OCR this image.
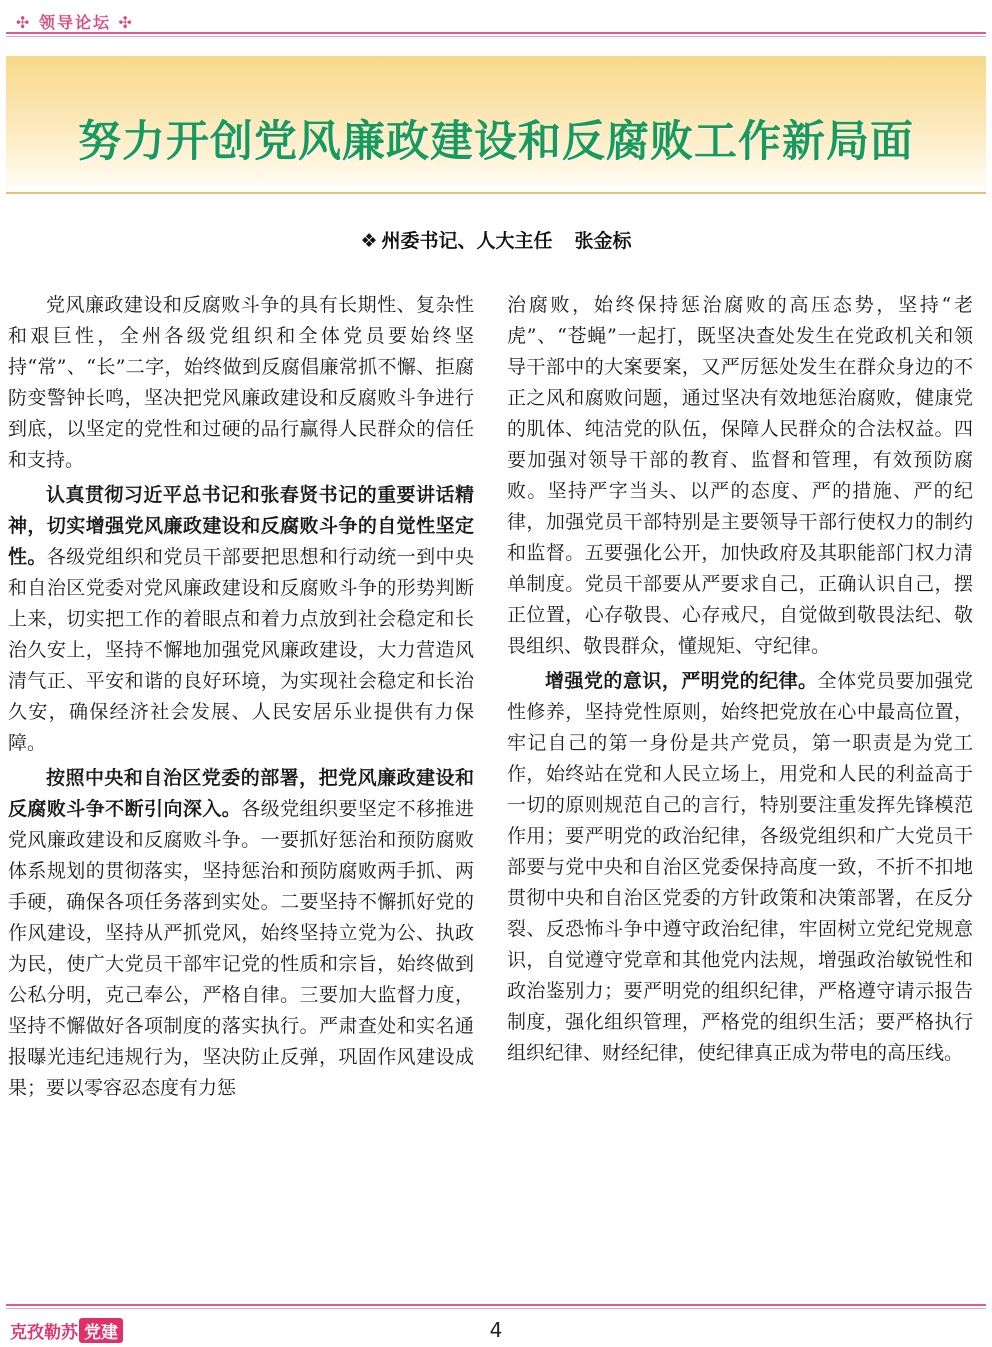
✣ 领导论坛 ✣
努力开创党风廉政建设和反腐败工作新局面
❖ 州委书记、人大主任 张金标

党风廉政建设和反腐败斗争的具有长期性、复杂性和艰巨性，全州各级党组织和全体党员要始终坚持“常”、“长”二字，始终做到反腐倡廉常抓不懈、拒腐防变警钟长鸣，坚决把党风廉政建设和反腐败斗争进行到底，以坚定的党性和过硬的品行赢得人民群众的信任和支持。

认真贯彻习近平总书记和张春贤书记的重要讲话精神，切实增强党风廉政建设和反腐败斗争的自觉性坚定性。各级党组织和党员干部要把思想和行动统一到中央和自治区党委对党风廉政建设和反腐败斗争的形势判断上来，切实把工作的着眼点和着力点放到社会稳定和长治久安上，坚持不懈地加强党风廉政建设，大力营造风清气正、平安和谐的良好环境，为实现社会稳定和长治久安，确保经济社会发展、人民安居乐业提供有力保障。

按照中央和自治区党委的部署，把党风廉政建设和反腐败斗争不断引向深入。各级党组织要坚定不移推进党风廉政建设和反腐败斗争。一要抓好惩治和预防腐败体系规划的贯彻落实，坚持惩治和预防腐败两手抓、两手硬，确保各项任务落到实处。二要坚持不懈抓好党的作风建设，坚持从严抓党风，始终坚持立党为公、执政为民，使广大党员干部牢记党的性质和宗旨，始终做到公私分明，克己奉公，严格自律。三要加大监督力度，坚持不懈做好各项制度的落实执行。严肃查处和实名通报曝光违纪违规行为，坚决防止反弹，巩固作风建设成果；要以零容忍态度有力惩

治腐败，始终保持惩治腐败的高压态势，坚持“老虎”、“苍蝇”一起打，既坚决查处发生在党政机关和领导干部中的大案要案，又严厉惩处发生在群众身边的不正之风和腐败问题，通过坚决有效地惩治腐败，健康党的肌体、纯洁党的队伍，保障人民群众的合法权益。四要加强对领导干部的教育、监督和管理，有效预防腐败。坚持严字当头、以严的态度、严的措施、严的纪律，加强党员干部特别是主要领导干部行使权力的制约和监督。五要强化公开，加快政府及其职能部门权力清单制度。党员干部要从严要求自己，正确认识自己，摆正位置，心存敬畏、心存戒尺，自觉做到敬畏法纪、敬畏组织、敬畏群众，懂规矩、守纪律。

增强党的意识，严明党的纪律。全体党员要加强党性修养，坚持党性原则，始终把党放在心中最高位置，牢记自己的第一身份是共产党员，第一职责是为党工作，始终站在党和人民立场上，用党和人民的利益高于一切的原则规范自己的言行，特别要注重发挥先锋模范作用；要严明党的政治纪律，各级党组织和广大党员干部要与党中央和自治区党委保持高度一致，不折不扣地贯彻中央和自治区党委的方针政策和决策部署，在反分裂、反恐怖斗争中遵守政治纪律，牢固树立党纪党规意识，自觉遵守党章和其他党内法规，增强政治敏锐性和政治鉴别力；要严明党的组织纪律，严格遵守请示报告制度，强化组织管理，严格党的组织生活；要严格执行组织纪律、财经纪律，使纪律真正成为带电的高压线。

克孜勒苏 党建	4
